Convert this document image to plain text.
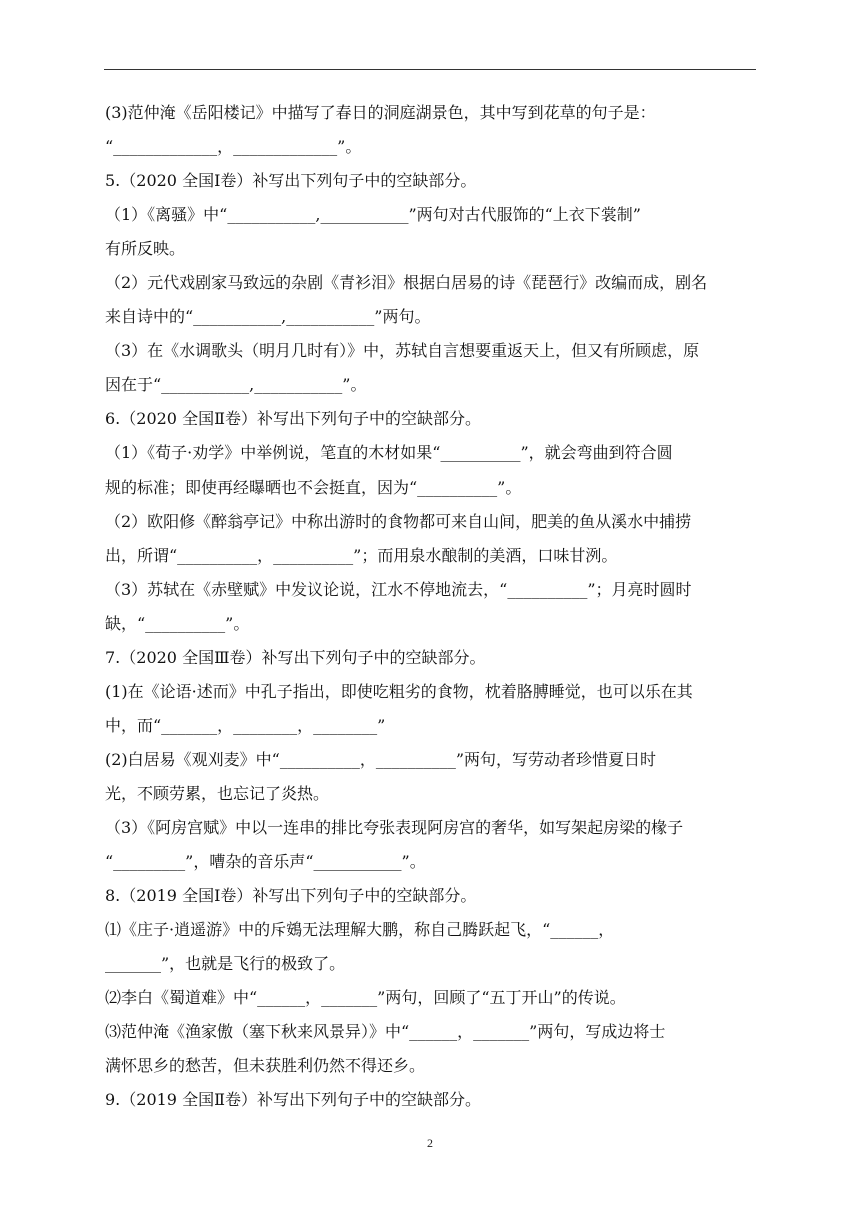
(3)范仲淹《岳阳楼记》中描写了春日的洞庭湖景色，其中写到花草的句子是：
“_____________，_____________”。
5.（2020 全国Ⅰ卷）补写出下列句子中的空缺部分。
（1）《离骚》中“___________,___________”两句对古代服饰的“上衣下裳制”
有所反映。
（2）元代戏剧家马致远的杂剧《青衫泪》根据白居易的诗《琵琶行》改编而成，剧名
来自诗中的“___________,___________”两句。
（3）在《水调歌头（明月几时有）》中，苏轼自言想要重返天上，但又有所顾虑，原
因在于“___________,___________”。
6.（2020 全国Ⅱ卷）补写出下列句子中的空缺部分。
（1）《荀子·劝学》中举例说，笔直的木材如果“__________”，就会弯曲到符合圆
规的标准；即使再经曝晒也不会挺直，因为“__________”。
（2）欧阳修《醉翁亭记》中称出游时的食物都可来自山间，肥美的鱼从溪水中捕捞
出，所谓“__________，__________”；而用泉水酿制的美酒，口味甘洌。
（3）苏轼在《赤壁赋》中发议论说，江水不停地流去，“__________”；月亮时圆时
缺，“__________”。
7.（2020 全国Ⅲ卷）补写出下列句子中的空缺部分。
(1)在《论语·述而》中孔子指出，即使吃粗劣的食物，枕着胳膊睡觉，也可以乐在其
中，而“_______，________，________”
(2)白居易《观刈麦》中“__________，__________”两句，写劳动者珍惜夏日时
光，不顾劳累，也忘记了炎热。
（3）《阿房宫赋》中以一连串的排比夸张表现阿房宫的奢华，如写架起房梁的椽子
“_________”，嘈杂的音乐声“___________”。
8.（2019 全国Ⅰ卷）补写出下列句子中的空缺部分。
⑴《庄子·逍遥游》中的斥鴳无法理解大鹏，称自己腾跃起飞，“______，
_______”，也就是飞行的极致了。
⑵李白《蜀道难》中“______，_______”两句，回顾了“五丁开山”的传说。
⑶范仲淹《渔家傲（塞下秋来风景异）》中“______，_______”两句，写成边将士
满怀思乡的愁苦，但未获胜利仍然不得还乡。
9.（2019 全国Ⅱ卷）补写出下列句子中的空缺部分。
2
